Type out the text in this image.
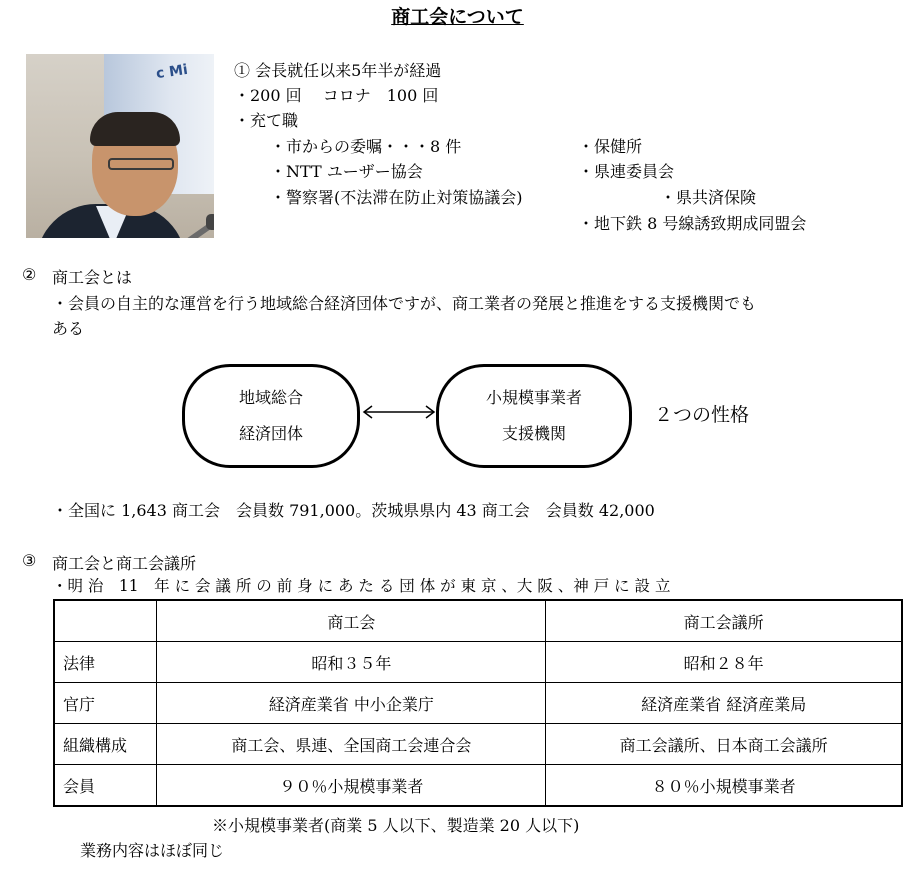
商工会について
c Mi	① 会長就任以来5年半が経過
・200 回　 コロナ　100 回
・充て職
・市からの委嘱・・・8 件
・NTT ユーザー協会
・警察署(不法滞在防止対策協議会)
・保健所
・県連委員会
・県共済保険
・地下鉄 8 号線誘致期成同盟会
② 商工会とは
・会員の自主的な運営を行う地域総合経済団体ですが、商工業者の発展と推進をする支援機関でも
ある
地域総合
経済団体
小規模事業者
支援機関
２つの性格
・全国に 1,643 商工会　会員数 791,000。茨城県県内 43 商工会　会員数 42,000
③ 商工会と商工会議所
・明 治　11　年 に 会 議 所 の 前 身 に あ た る 団 体 が 東 京 、大 阪 、神 戸 に 設 立
	商工会	商工会議所
法律	昭和３５年	昭和２８年
官庁	経済産業省 中小企業庁	経済産業省 経済産業局
組織構成	商工会、県連、全国商工会連合会	商工会議所、日本商工会議所
会員	９０％小規模事業者	８０％小規模事業者
※小規模事業者(商業 5 人以下、製造業 20 人以下)
業務内容はほぼ同じ
